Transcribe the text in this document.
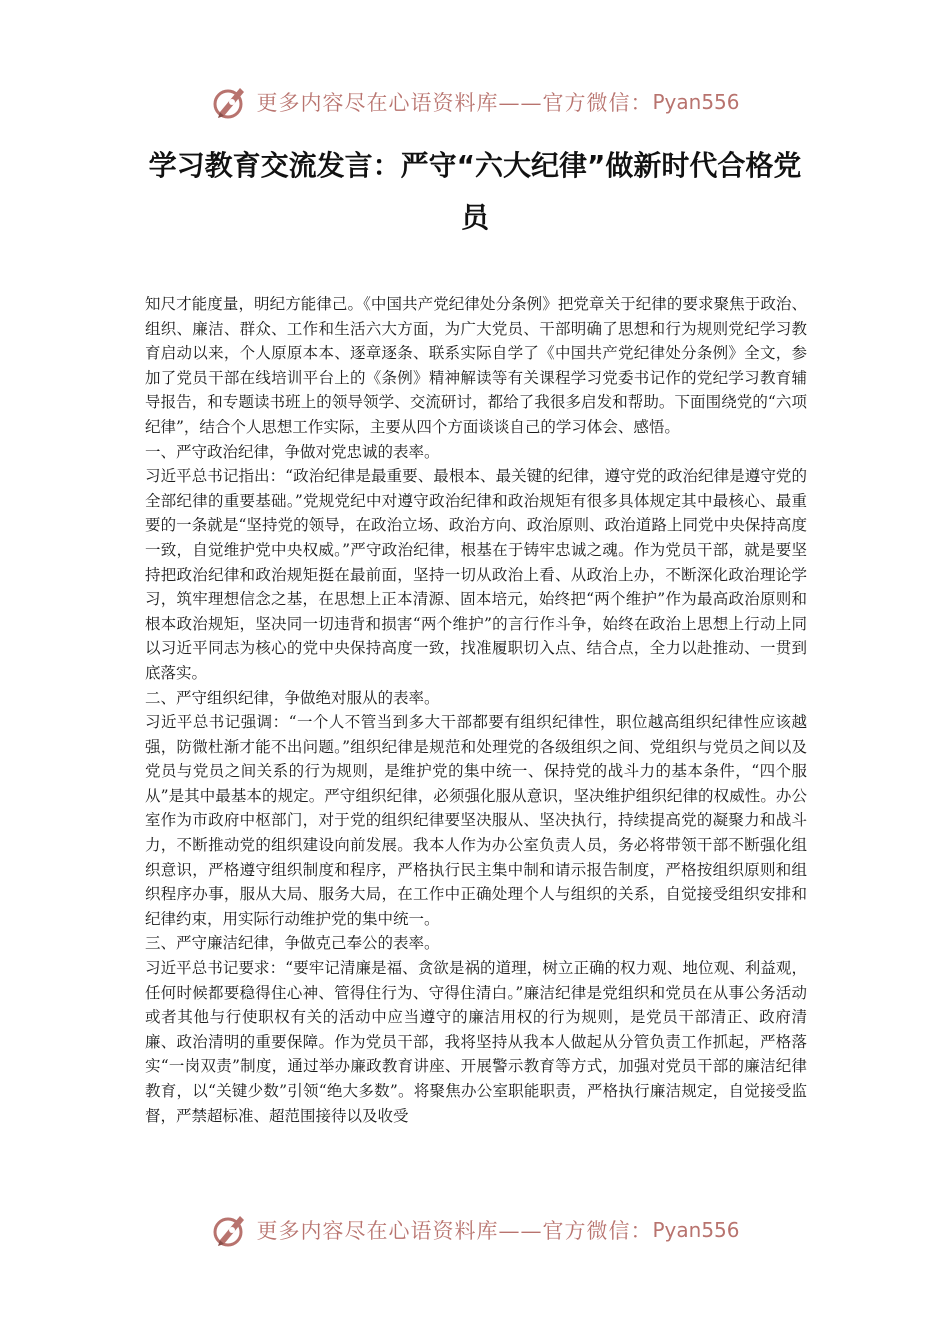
更多内容尽在心语资料库——官方微信： Pyan556
学习教育交流发言：严守“六大纪律”做新时代合格党员

知尺才能度量，明纪方能律己。《中国共产党纪律处分条例》把党章关于纪律的要求聚焦于政治、组织、廉洁、群众、工作和生活六大方面，为广大党员、干部明确了思想和行为规则党纪学习教育启动以来，个人原原本本、逐章逐条、联系实际自学了《中国共产党纪律处分条例》全文，参加了党员干部在线培训平台上的《条例》精神解读等有关课程学习党委书记作的党纪学习教育辅导报告，和专题读书班上的领导领学、交流研讨，都给了我很多启发和帮助。下面围绕党的“六项纪律”，结合个人思想工作实际，主要从四个方面谈谈自己的学习体会、感悟。

一、严守政治纪律，争做对党忠诚的表率。

习近平总书记指出：“政治纪律是最重要、最根本、最关键的纪律，遵守党的政治纪律是遵守党的全部纪律的重要基础。”党规党纪中对遵守政治纪律和政治规矩有很多具体规定其中最核心、最重要的一条就是“坚持党的领导，在政治立场、政治方向、政治原则、政治道路上同党中央保持高度一致，自觉维护党中央权威。”严守政治纪律，根基在于铸牢忠诚之魂。作为党员干部，就是要坚持把政治纪律和政治规矩挺在最前面，坚持一切从政治上看、从政治上办，不断深化政治理论学习，筑牢理想信念之基，在思想上正本清源、固本培元，始终把“两个维护”作为最高政治原则和根本政治规矩，坚决同一切违背和损害“两个维护”的言行作斗争，始终在政治上思想上行动上同以习近平同志为核心的党中央保持高度一致，找准履职切入点、结合点，全力以赴推动、一贯到底落实。

二、严守组织纪律，争做绝对服从的表率。

习近平总书记强调：“一个人不管当到多大干部都要有组织纪律性，职位越高组织纪律性应该越强，防微杜渐才能不出问题。”组织纪律是规范和处理党的各级组织之间、党组织与党员之间以及党员与党员之间关系的行为规则，是维护党的集中统一、保持党的战斗力的基本条件，“四个服从”是其中最基本的规定。严守组织纪律，必须强化服从意识，坚决维护组织纪律的权威性。办公室作为市政府中枢部门，对于党的组织纪律要坚决服从、坚决执行，持续提高党的凝聚力和战斗力，不断推动党的组织建设向前发展。我本人作为办公室负责人员，务必将带领干部不断强化组织意识，严格遵守组织制度和程序，严格执行民主集中制和请示报告制度，严格按组织原则和组织程序办事，服从大局、服务大局，在工作中正确处理个人与组织的关系，自觉接受组织安排和纪律约束，用实际行动维护党的集中统一。

三、严守廉洁纪律，争做克己奉公的表率。

习近平总书记要求：“要牢记清廉是福、贪欲是祸的道理，树立正确的权力观、地位观、利益观，任何时候都要稳得住心神、管得住行为、守得住清白。”廉洁纪律是党组织和党员在从事公务活动或者其他与行使职权有关的活动中应当遵守的廉洁用权的行为规则，是党员干部清正、政府清廉、政治清明的重要保障。作为党员干部，我将坚持从我本人做起从分管负责工作抓起，严格落实“一岗双责”制度，通过举办廉政教育讲座、开展警示教育等方式，加强对党员干部的廉洁纪律教育，以“关键少数”引领“绝大多数”。将聚焦办公室职能职责，严格执行廉洁规定，自觉接受监督，严禁超标准、超范围接待以及收受

更多内容尽在心语资料库——官方微信： Pyan556
